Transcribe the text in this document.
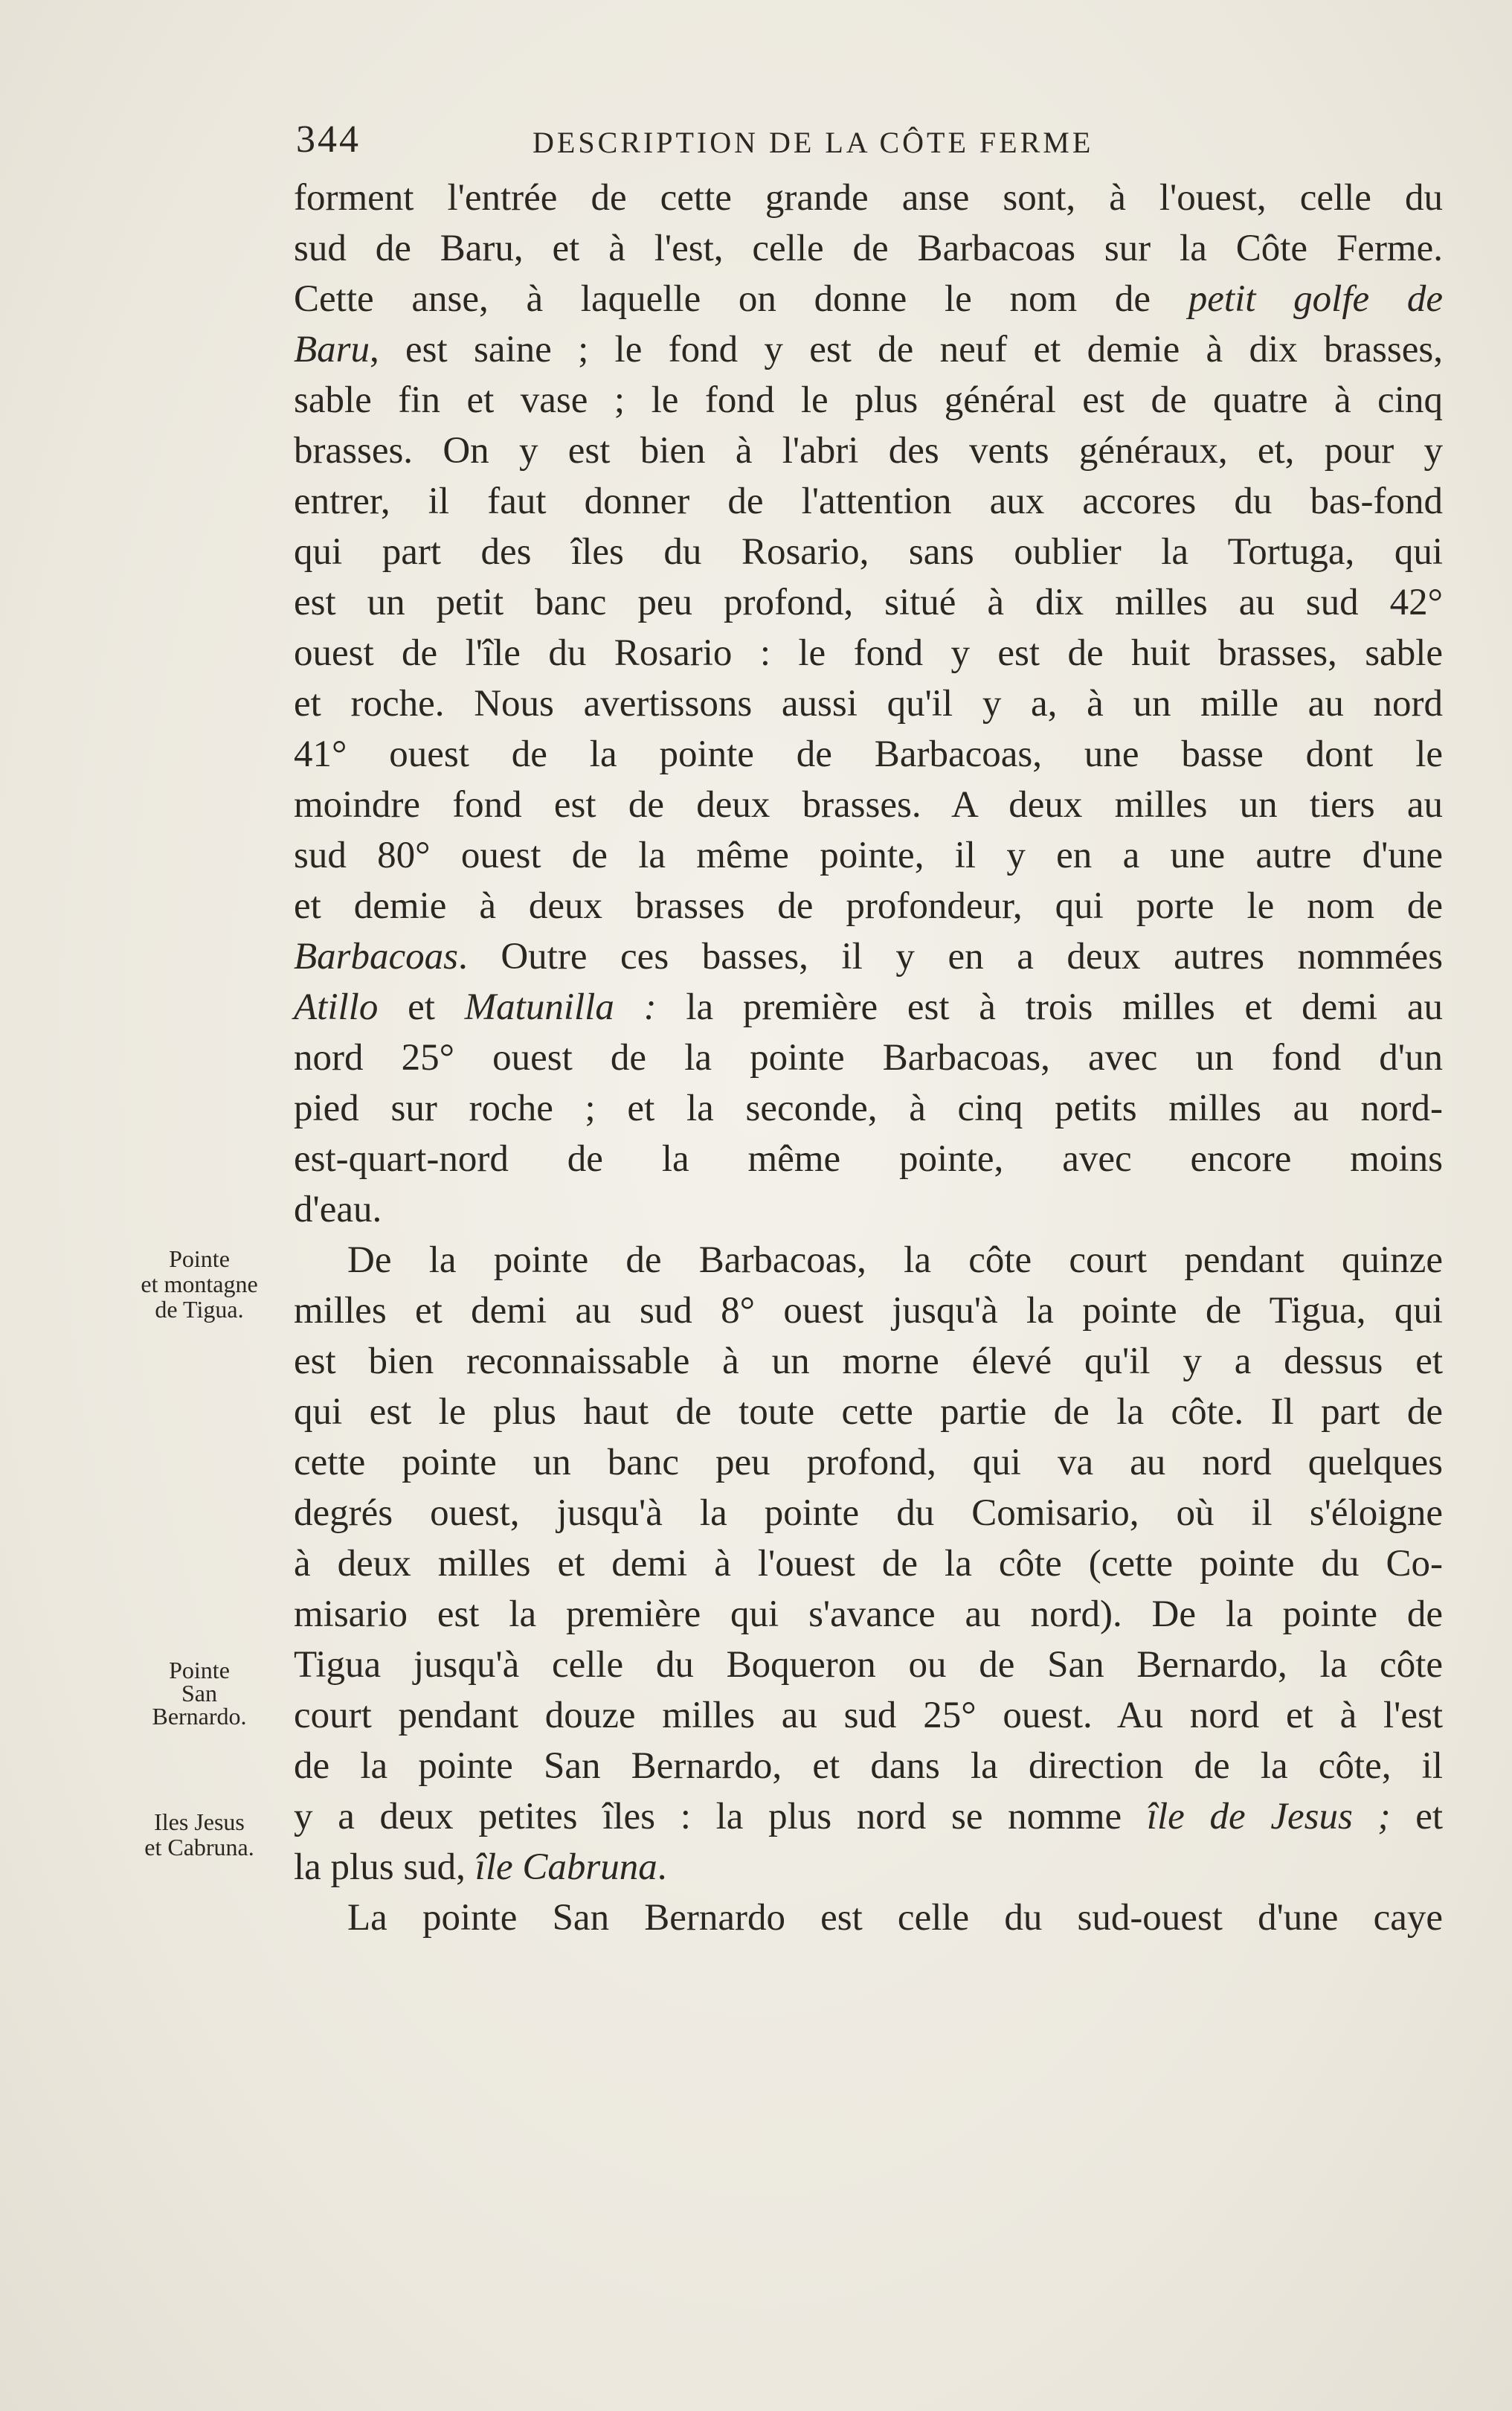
344	DESCRIPTION DE LA CÔTE FERME
Pointe
et montagne
de Tigua.
Pointe
San
Bernardo.
Iles Jesus
et Cabruna.
forment l'entrée de cette grande anse sont, à l'ouest, celle du
sud de Baru, et à l'est, celle de Barbacoas sur la Côte Ferme.
Cette anse, à laquelle on donne le nom de petit golfe de
Baru, est saine ; le fond y est de neuf et demie à dix brasses,
sable fin et vase ; le fond le plus général est de quatre à cinq
brasses. On y est bien à l'abri des vents généraux, et, pour y
entrer, il faut donner de l'attention aux accores du bas-fond
qui part des îles du Rosario, sans oublier la Tortuga, qui
est un petit banc peu profond, situé à dix milles au sud 42°
ouest de l'île du Rosario : le fond y est de huit brasses, sable
et roche. Nous avertissons aussi qu'il y a, à un mille au nord
41° ouest de la pointe de Barbacoas, une basse dont le
moindre fond est de deux brasses. A deux milles un tiers au
sud 80° ouest de la même pointe, il y en a une autre d'une
et demie à deux brasses de profondeur, qui porte le nom de
Barbacoas. Outre ces basses, il y en a deux autres nommées
Atillo et Matunilla : la première est à trois milles et demi au
nord 25° ouest de la pointe Barbacoas, avec un fond d'un
pied sur roche ; et la seconde, à cinq petits milles au nord-
est-quart-nord de la même pointe, avec encore moins
d'eau.
De la pointe de Barbacoas, la côte court pendant quinze
milles et demi au sud 8° ouest jusqu'à la pointe de Tigua, qui
est bien reconnaissable à un morne élevé qu'il y a dessus et
qui est le plus haut de toute cette partie de la côte. Il part de
cette pointe un banc peu profond, qui va au nord quelques
degrés ouest, jusqu'à la pointe du Comisario, où il s'éloigne
à deux milles et demi à l'ouest de la côte (cette pointe du Co-
misario est la première qui s'avance au nord). De la pointe de
Tigua jusqu'à celle du Boqueron ou de San Bernardo, la côte
court pendant douze milles au sud 25° ouest. Au nord et à l'est
de la pointe San Bernardo, et dans la direction de la côte, il
y a deux petites îles : la plus nord se nomme île de Jesus ; et
la plus sud, île Cabruna.
La pointe San Bernardo est celle du sud-ouest d'une caye
